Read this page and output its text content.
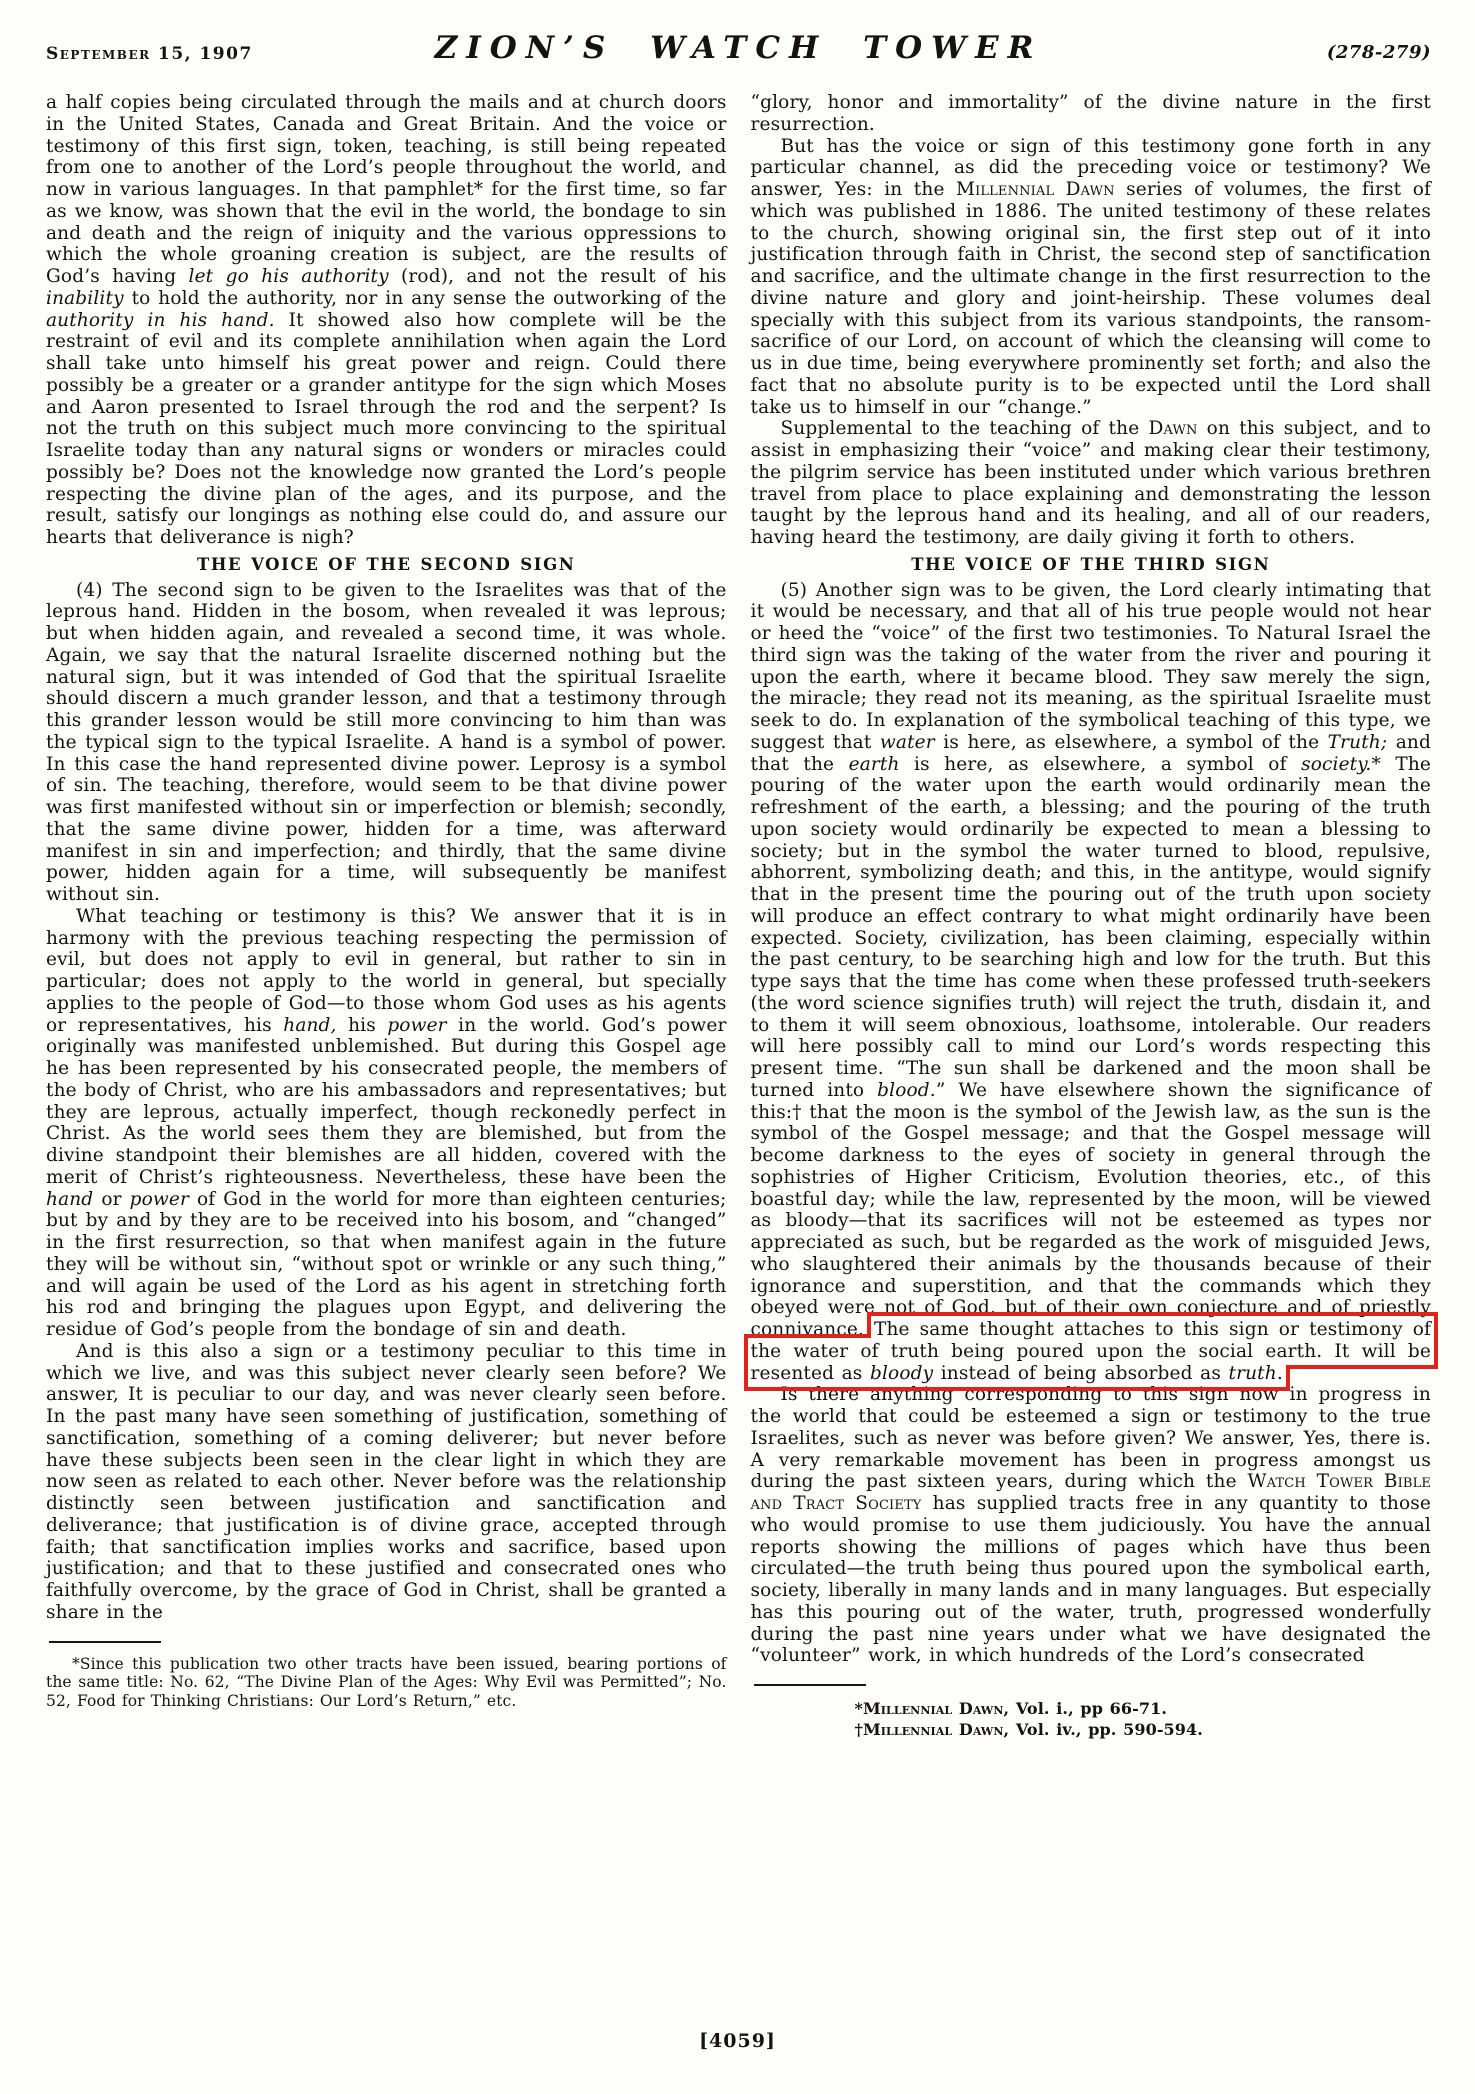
September 15, 1907	ZION’S WATCH TOWER	(278-279)

a half copies being circulated through the mails and at church doors in the United States, Canada and Great Britain. And the voice or testimony of this first sign, token, teaching, is still being repeated from one to another of the Lord’s people throughout the world, and now in various languages. In that pamphlet* for the first time, so far as we know, was shown that the evil in the world, the bondage to sin and death and the reign of iniquity and the various oppressions to which the whole groaning creation is subject, are the results of God’s having let go his authority (rod), and not the result of his inability to hold the authority, nor in any sense the outworking of the authority in his hand. It showed also how complete will be the restraint of evil and its complete annihilation when again the Lord shall take unto himself his great power and reign. Could there possibly be a greater or a grander antitype for the sign which Moses and Aaron presented to Israel through the rod and the serpent? Is not the truth on this subject much more convincing to the spiritual Israelite today than any natural signs or wonders or miracles could possibly be? Does not the knowledge now granted the Lord’s people respecting the divine plan of the ages, and its purpose, and the result, satisfy our longings as nothing else could do, and assure our hearts that deliverance is nigh?

THE VOICE OF THE SECOND SIGN

(4) The second sign to be given to the Israelites was that of the leprous hand. Hidden in the bosom, when revealed it was leprous; but when hidden again, and revealed a second time, it was whole. Again, we say that the natural Israelite discerned nothing but the natural sign, but it was intended of God that the spiritual Israelite should discern a much grander lesson, and that a testimony through this grander lesson would be still more convincing to him than was the typical sign to the typical Israelite. A hand is a symbol of power. In this case the hand represented divine power. Leprosy is a symbol of sin. The teaching, therefore, would seem to be that divine power was first manifested without sin or imperfection or blemish; secondly, that the same divine power, hidden for a time, was afterward manifest in sin and imperfection; and thirdly, that the same divine power, hidden again for a time, will subsequently be manifest without sin.

What teaching or testimony is this? We answer that it is in harmony with the previous teaching respecting the permission of evil, but does not apply to evil in general, but rather to sin in particular; does not apply to the world in general, but specially applies to the people of God—to those whom God uses as his agents or representatives, his hand, his power in the world. God’s power originally was manifested unblemished. But during this Gospel age he has been represented by his consecrated people, the members of the body of Christ, who are his ambassadors and representatives; but they are leprous, actually imperfect, though reckonedly perfect in Christ. As the world sees them they are blemished, but from the divine standpoint their blemishes are all hidden, covered with the merit of Christ’s righteousness. Nevertheless, these have been the hand or power of God in the world for more than eighteen centuries; but by and by they are to be received into his bosom, and “changed” in the first resurrection, so that when manifest again in the future they will be without sin, “without spot or wrinkle or any such thing,” and will again be used of the Lord as his agent in stretching forth his rod and bringing the plagues upon Egypt, and delivering the residue of God’s people from the bondage of sin and death.

And is this also a sign or a testimony peculiar to this time in which we live, and was this subject never clearly seen before? We answer, It is peculiar to our day, and was never clearly seen before. In the past many have seen something of justification, something of sanctification, something of a coming deliverer; but never before have these subjects been seen in the clear light in which they are now seen as related to each other. Never before was the relationship distinctly seen between justification and sanctification and deliverance; that justification is of divine grace, accepted through faith; that sanctification implies works and sacrifice, based upon justification; and that to these justified and consecrated ones who faithfully overcome, by the grace of God in Christ, shall be granted a share in the

*Since this publication two other tracts have been issued, bearing portions of the same title: No. 62, “The Divine Plan of the Ages: Why Evil was Permitted”; No. 52, Food for Thinking Christians: Our Lord’s Return,” etc.

“glory, honor and immortality” of the divine nature in the first resurrection.

But has the voice or sign of this testimony gone forth in any particular channel, as did the preceding voice or testimony? We answer, Yes: in the Millennial Dawn series of volumes, the first of which was published in 1886. The united testimony of these relates to the church, showing original sin, the first step out of it into justification through faith in Christ, the second step of sanctification and sacrifice, and the ultimate change in the first resurrection to the divine nature and glory and joint-heirship. These volumes deal specially with this subject from its various standpoints, the ransom-sacrifice of our Lord, on account of which the cleansing will come to us in due time, being everywhere prominently set forth; and also the fact that no absolute purity is to be expected until the Lord shall take us to himself in our “change.”

Supplemental to the teaching of the Dawn on this subject, and to assist in emphasizing their “voice” and making clear their testimony, the pilgrim service has been instituted under which various brethren travel from place to place explaining and demonstrating the lesson taught by the leprous hand and its healing, and all of our readers, having heard the testimony, are daily giving it forth to others.

THE VOICE OF THE THIRD SIGN

(5) Another sign was to be given, the Lord clearly intimating that it would be necessary, and that all of his true people would not hear or heed the “voice” of the first two testimonies. To Natural Israel the third sign was the taking of the water from the river and pouring it upon the earth, where it became blood. They saw merely the sign, the miracle; they read not its meaning, as the spiritual Israelite must seek to do. In explanation of the symbolical teaching of this type, we suggest that water is here, as elsewhere, a symbol of the Truth; and that the earth is here, as elsewhere, a symbol of society.* The pouring of the water upon the earth would ordinarily mean the refreshment of the earth, a blessing; and the pouring of the truth upon society would ordinarily be expected to mean a blessing to society; but in the symbol the water turned to blood, repulsive, abhorrent, symbolizing death; and this, in the antitype, would signify that in the present time the pouring out of the truth upon society will produce an effect contrary to what might ordinarily have been expected. Society, civilization, has been claiming, especially within the past century, to be searching high and low for the truth. But this type says that the time has come when these professed truth-seekers (the word science signifies truth) will reject the truth, disdain it, and to them it will seem obnoxious, loathsome, intolerable. Our readers will here possibly call to mind our Lord’s words respecting this present time. “The sun shall be darkened and the moon shall be turned into blood.” We have elsewhere shown the significance of this:† that the moon is the symbol of the Jewish law, as the sun is the symbol of the Gospel message; and that the Gospel message will become darkness to the eyes of society in general through the sophistries of Higher Criticism, Evolution theories, etc., of this boastful day; while the law, represented by the moon, will be viewed as bloody—that its sacrifices will not be esteemed as types nor appreciated as such, but be regarded as the work of misguided Jews, who slaughtered their animals by the thousands because of their ignorance and superstition, and that the commands which they obeyed were not of God, but of their own conjecture and of priestly connivance. The same thought attaches to this sign or testimony of the water of truth being poured upon the social earth. It will be resented as bloody instead of being absorbed as truth.

Is there anything corresponding to this sign now in progress in the world that could be esteemed a sign or testimony to the true Israelites, such as never was before given? We answer, Yes, there is. A very remarkable movement has been in progress amongst us during the past sixteen years, during which the Watch Tower Bible and Tract Society has supplied tracts free in any quantity to those who would promise to use them judiciously. You have the annual reports showing the millions of pages which have thus been circulated—the truth being thus poured upon the symbolical earth, society, liberally in many lands and in many languages. But especially has this pouring out of the water, truth, progressed wonderfully during the past nine years under what we have designated the “volunteer” work, in which hundreds of the Lord’s consecrated

*Millennial Dawn, Vol. i., pp 66-71.

†Millennial Dawn, Vol. iv., pp. 590-594.

[4059]
